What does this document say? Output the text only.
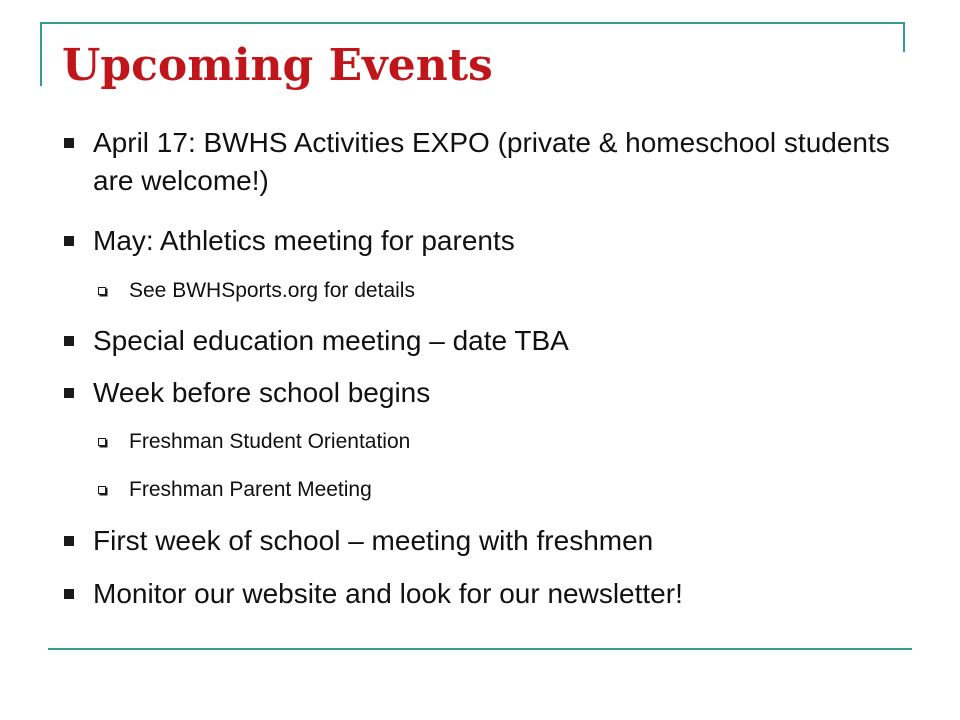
Upcoming Events
April 17: BWHS Activities EXPO (private & homeschool students are welcome!)
May: Athletics meeting for parents
See BWHSports.org for details
Special education meeting – date TBA
Week before school begins
Freshman Student Orientation
Freshman Parent Meeting
First week of school – meeting with freshmen
Monitor our website and look for our newsletter!
